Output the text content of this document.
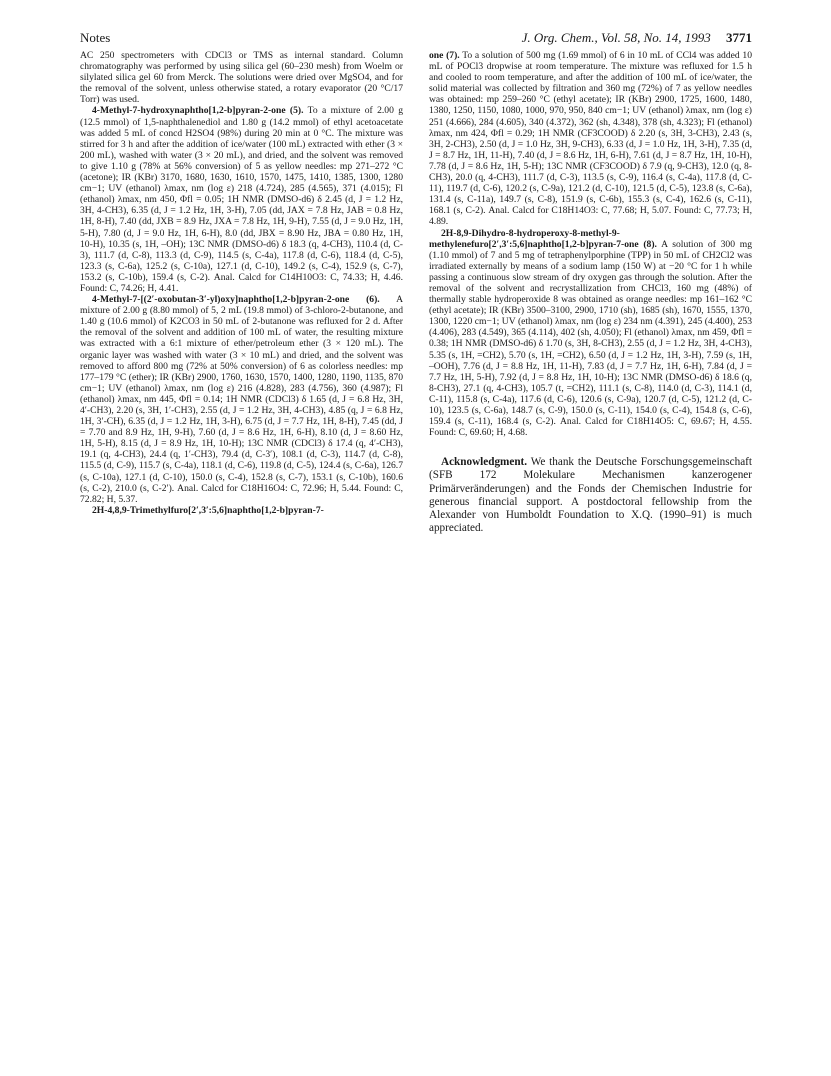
Notes	J. Org. Chem., Vol. 58, No. 14, 1993 3771

AC 250 spectrometers with CDCl3 or TMS as internal standard. Column chromatography was performed by using silica gel (60–230 mesh) from Woelm or silylated silica gel 60 from Merck. The solutions were dried over MgSO4, and for the removal of the solvent, unless otherwise stated, a rotary evaporator (20 °C/17 Torr) was used.

4-Methyl-7-hydroxynaphtho[1,2-b]pyran-2-one (5). To a mixture of 2.00 g (12.5 mmol) of 1,5-naphthalenediol and 1.80 g (14.2 mmol) of ethyl acetoacetate was added 5 mL of concd H2SO4 (98%) during 20 min at 0 °C. The mixture was stirred for 3 h and after the addition of ice/water (100 mL) extracted with ether (3 × 200 mL), washed with water (3 × 20 mL), and dried, and the solvent was removed to give 1.10 g (78% at 56% conversion) of 5 as yellow needles: mp 271–272 °C (acetone); IR (KBr) 3170, 1680, 1630, 1610, 1570, 1475, 1410, 1385, 1300, 1280 cm−1; UV (ethanol) λmax, nm (log ε) 218 (4.724), 285 (4.565), 371 (4.015); Fl (ethanol) λmax, nm 450, Φfl = 0.05; 1H NMR (DMSO-d6) δ 2.45 (d, J = 1.2 Hz, 3H, 4-CH3), 6.35 (d, J = 1.2 Hz, 1H, 3-H), 7.05 (dd, JAX = 7.8 Hz, JAB = 0.8 Hz, 1H, 8-H), 7.40 (dd, JXB = 8.9 Hz, JXA = 7.8 Hz, 1H, 9-H), 7.55 (d, J = 9.0 Hz, 1H, 5-H), 7.80 (d, J = 9.0 Hz, 1H, 6-H), 8.0 (dd, JBX = 8.90 Hz, JBA = 0.80 Hz, 1H, 10-H), 10.35 (s, 1H, –OH); 13C NMR (DMSO-d6) δ 18.3 (q, 4-CH3), 110.4 (d, C-3), 111.7 (d, C-8), 113.3 (d, C-9), 114.5 (s, C-4a), 117.8 (d, C-6), 118.4 (d, C-5), 123.3 (s, C-6a), 125.2 (s, C-10a), 127.1 (d, C-10), 149.2 (s, C-4), 152.9 (s, C-7), 153.2 (s, C-10b), 159.4 (s, C-2). Anal. Calcd for C14H10O3: C, 74.33; H, 4.46. Found: C, 74.26; H, 4.41.

4-Methyl-7-[(2′-oxobutan-3′-yl)oxy]naphtho[1,2-b]pyran-2-one (6). A mixture of 2.00 g (8.80 mmol) of 5, 2 mL (19.8 mmol) of 3-chloro-2-butanone, and 1.40 g (10.6 mmol) of K2CO3 in 50 mL of 2-butanone was refluxed for 2 d. After the removal of the solvent and addition of 100 mL of water, the resulting mixture was extracted with a 6:1 mixture of ether/petroleum ether (3 × 120 mL). The organic layer was washed with water (3 × 10 mL) and dried, and the solvent was removed to afford 800 mg (72% at 50% conversion) of 6 as colorless needles: mp 177–179 °C (ether); IR (KBr) 2900, 1760, 1630, 1570, 1400, 1280, 1190, 1135, 870 cm−1; UV (ethanol) λmax, nm (log ε) 216 (4.828), 283 (4.756), 360 (4.987); Fl (ethanol) λmax, nm 445, Φfl = 0.14; 1H NMR (CDCl3) δ 1.65 (d, J = 6.8 Hz, 3H, 4′-CH3), 2.20 (s, 3H, 1′-CH3), 2.55 (d, J = 1.2 Hz, 3H, 4-CH3), 4.85 (q, J = 6.8 Hz, 1H, 3′-CH), 6.35 (d, J = 1.2 Hz, 1H, 3-H), 6.75 (d, J = 7.7 Hz, 1H, 8-H), 7.45 (dd, J = 7.70 and 8.9 Hz, 1H, 9-H), 7.60 (d, J = 8.6 Hz, 1H, 6-H), 8.10 (d, J = 8.60 Hz, 1H, 5-H), 8.15 (d, J = 8.9 Hz, 1H, 10-H); 13C NMR (CDCl3) δ 17.4 (q, 4′-CH3), 19.1 (q, 4-CH3), 24.4 (q, 1′-CH3), 79.4 (d, C-3′), 108.1 (d, C-3), 114.7 (d, C-8), 115.5 (d, C-9), 115.7 (s, C-4a), 118.1 (d, C-6), 119.8 (d, C-5), 124.4 (s, C-6a), 126.7 (s, C-10a), 127.1 (d, C-10), 150.0 (s, C-4), 152.8 (s, C-7), 153.1 (s, C-10b), 160.6 (s, C-2), 210.0 (s, C-2′). Anal. Calcd for C18H16O4: C, 72.96; H, 5.44. Found: C, 72.82; H, 5.37.

2H-4,8,9-Trimethylfuro[2′,3′:5,6]naphtho[1,2-b]pyran-7-

one (7). To a solution of 500 mg (1.69 mmol) of 6 in 10 mL of CCl4 was added 10 mL of POCl3 dropwise at room temperature. The mixture was refluxed for 1.5 h and cooled to room temperature, and after the addition of 100 mL of ice/water, the solid material was collected by filtration and 360 mg (72%) of 7 as yellow needles was obtained: mp 259–260 °C (ethyl acetate); IR (KBr) 2900, 1725, 1600, 1480, 1380, 1250, 1150, 1080, 1000, 970, 950, 840 cm−1; UV (ethanol) λmax, nm (log ε) 251 (4.666), 284 (4.605), 340 (4.372), 362 (sh, 4.348), 378 (sh, 4.323); Fl (ethanol) λmax, nm 424, Φfl = 0.29; 1H NMR (CF3COOD) δ 2.20 (s, 3H, 3-CH3), 2.43 (s, 3H, 2-CH3), 2.50 (d, J = 1.0 Hz, 3H, 9-CH3), 6.33 (d, J = 1.0 Hz, 1H, 3-H), 7.35 (d, J = 8.7 Hz, 1H, 11-H), 7.40 (d, J = 8.6 Hz, 1H, 6-H), 7.61 (d, J = 8.7 Hz, 1H, 10-H), 7.78 (d, J = 8.6 Hz, 1H, 5-H); 13C NMR (CF3COOD) δ 7.9 (q, 9-CH3), 12.0 (q, 8-CH3), 20.0 (q, 4-CH3), 111.7 (d, C-3), 113.5 (s, C-9), 116.4 (s, C-4a), 117.8 (d, C-11), 119.7 (d, C-6), 120.2 (s, C-9a), 121.2 (d, C-10), 121.5 (d, C-5), 123.8 (s, C-6a), 131.4 (s, C-11a), 149.7 (s, C-8), 151.9 (s, C-6b), 155.3 (s, C-4), 162.6 (s, C-11), 168.1 (s, C-2). Anal. Calcd for C18H14O3: C, 77.68; H, 5.07. Found: C, 77.73; H, 4.89.

2H-8,9-Dihydro-8-hydroperoxy-8-methyl-9-methylenefuro[2′,3′:5,6]naphtho[1,2-b]pyran-7-one (8). A solution of 300 mg (1.10 mmol) of 7 and 5 mg of tetraphenylporphine (TPP) in 50 mL of CH2Cl2 was irradiated externally by means of a sodium lamp (150 W) at −20 °C for 1 h while passing a continuous slow stream of dry oxygen gas through the solution. After the removal of the solvent and recrystallization from CHCl3, 160 mg (48%) of thermally stable hydroperoxide 8 was obtained as orange needles: mp 161–162 °C (ethyl acetate); IR (KBr) 3500–3100, 2900, 1710 (sh), 1685 (sh), 1670, 1555, 1370, 1300, 1220 cm−1; UV (ethanol) λmax, nm (log ε) 234 nm (4.391), 245 (4.400), 253 (4.406), 283 (4.549), 365 (4.114), 402 (sh, 4.050); Fl (ethanol) λmax, nm 459, Φfl = 0.38; 1H NMR (DMSO-d6) δ 1.70 (s, 3H, 8-CH3), 2.55 (d, J = 1.2 Hz, 3H, 4-CH3), 5.35 (s, 1H, =CH2), 5.70 (s, 1H, =CH2), 6.50 (d, J = 1.2 Hz, 1H, 3-H), 7.59 (s, 1H, –OOH), 7.76 (d, J = 8.8 Hz, 1H, 11-H), 7.83 (d, J = 7.7 Hz, 1H, 6-H), 7.84 (d, J = 7.7 Hz, 1H, 5-H), 7.92 (d, J = 8.8 Hz, 1H, 10-H); 13C NMR (DMSO-d6) δ 18.6 (q, 8-CH3), 27.1 (q, 4-CH3), 105.7 (t, =CH2), 111.1 (s, C-8), 114.0 (d, C-3), 114.1 (d, C-11), 115.8 (s, C-4a), 117.6 (d, C-6), 120.6 (s, C-9a), 120.7 (d, C-5), 121.2 (d, C-10), 123.5 (s, C-6a), 148.7 (s, C-9), 150.0 (s, C-11), 154.0 (s, C-4), 154.8 (s, C-6), 159.4 (s, C-11), 168.4 (s, C-2). Anal. Calcd for C18H14O5: C, 69.67; H, 4.55. Found: C, 69.60; H, 4.68.

Acknowledgment. We thank the Deutsche Forschungsgemeinschaft (SFB 172 Molekulare Mechanismen kanzerogener Primärveränderungen) and the Fonds der Chemischen Industrie for generous financial support. A postdoctoral fellowship from the Alexander von Humboldt Foundation to X.Q. (1990–91) is much appreciated.
